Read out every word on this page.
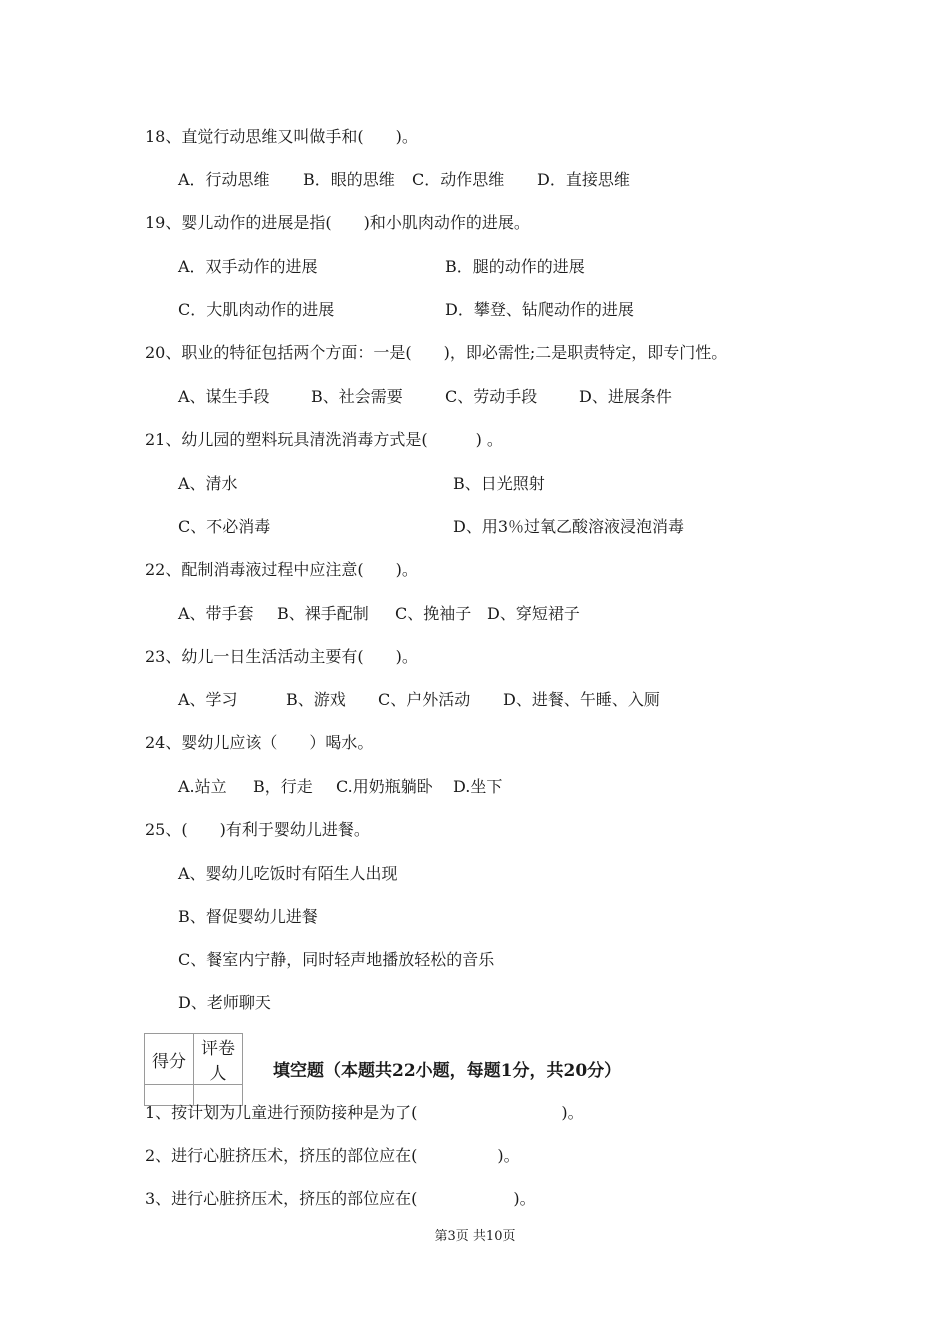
18、直觉行动思维又叫做手和(　　)。
A．行动思维 B．眼的思维 C．动作思维 D．直接思维
19、婴儿动作的进展是指(　　)和小肌肉动作的进展。
A．双手动作的进展	B．腿的动作的进展
C．大肌肉动作的进展	D．攀登、钻爬动作的进展
20、职业的特征包括两个方面：一是(　　)，即必需性;二是职责特定，即专门性。
A、谋生手段	B、社会需要	C、劳动手段	D、进展条件
21、幼儿园的塑料玩具清洗消毒方式是(　　　) 。
A、清水	B、日光照射
C、不必消毒	D、用3％过氧乙酸溶液浸泡消毒
22、配制消毒液过程中应注意(　　)。
A、带手套 B、裸手配制 C、挽袖子 D、穿短裙子
23、幼儿一日生活活动主要有(　　)。
A、学习	B、游戏 C、户外活动 D、进餐、午睡、入厕
24、婴幼儿应该（　　）喝水。
A.站立 B，行走 C.用奶瓶躺卧 D.坐下
25、(　　)有利于婴幼儿进餐。
A、婴幼儿吃饭时有陌生人出现
B、督促婴幼儿进餐
C、餐室内宁静，同时轻声地播放轻松的音乐
D、老师聊天
得分	评卷人
		填空题（本题共22小题，每题1分，共20分）
1、按计划为儿童进行预防接种是为了(　　　　　　　　　)。
2、进行心脏挤压术，挤压的部位应在(　　　　　)。
3、进行心脏挤压术，挤压的部位应在(　　　　　　)。
第3页 共10页
